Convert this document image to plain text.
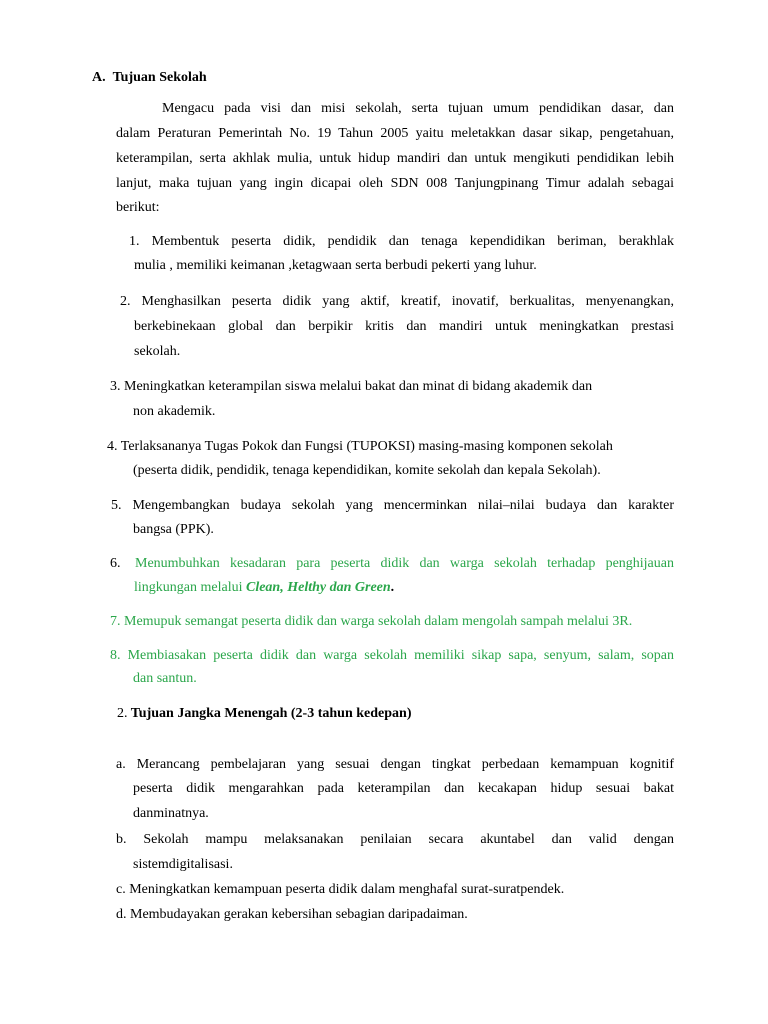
A. Tujuan Sekolah
Mengacu pada visi dan misi sekolah, serta tujuan umum pendidikan dasar, dan
dalam Peraturan Pemerintah No. 19 Tahun 2005 yaitu meletakkan dasar sikap, pengetahuan,
keterampilan, serta akhlak mulia, untuk hidup mandiri dan untuk mengikuti pendidikan lebih
lanjut, maka tujuan yang ingin dicapai oleh SDN 008 Tanjungpinang Timur adalah sebagai
berikut:
1. Membentuk peserta didik, pendidik dan tenaga kependidikan beriman, berakhlak
mulia , memiliki keimanan ,ketagwaan serta berbudi pekerti yang luhur.
2. Menghasilkan peserta didik yang aktif, kreatif, inovatif, berkualitas, menyenangkan,
berkebinekaan global dan berpikir kritis dan mandiri untuk meningkatkan prestasi
sekolah.
3. Meningkatkan keterampilan siswa melalui bakat dan minat di bidang akademik dan
non akademik.
4. Terlaksananya Tugas Pokok dan Fungsi (TUPOKSI) masing-masing komponen sekolah
(peserta didik, pendidik, tenaga kependidikan, komite sekolah dan kepala Sekolah).
5. Mengembangkan budaya sekolah yang mencerminkan nilai–nilai budaya dan karakter
bangsa (PPK).
6. Menumbuhkan kesadaran para peserta didik dan warga sekolah terhadap penghijauan
lingkungan melalui Clean, Helthy dan Green.
7. Memupuk semangat peserta didik dan warga sekolah dalam mengolah sampah melalui 3R.
8. Membiasakan peserta didik dan warga sekolah memiliki sikap sapa, senyum, salam, sopan
dan santun.
2. Tujuan Jangka Menengah (2-3 tahun kedepan)
a. Merancang pembelajaran yang sesuai dengan tingkat perbedaan kemampuan kognitif
peserta didik mengarahkan pada keterampilan dan kecakapan hidup sesuai bakat
danminatnya.
b. Sekolah mampu melaksanakan penilaian secara akuntabel dan valid dengan
sistemdigitalisasi.
c. Meningkatkan kemampuan peserta didik dalam menghafal surat-suratpendek.
d. Membudayakan gerakan kebersihan sebagian daripadaiman.
